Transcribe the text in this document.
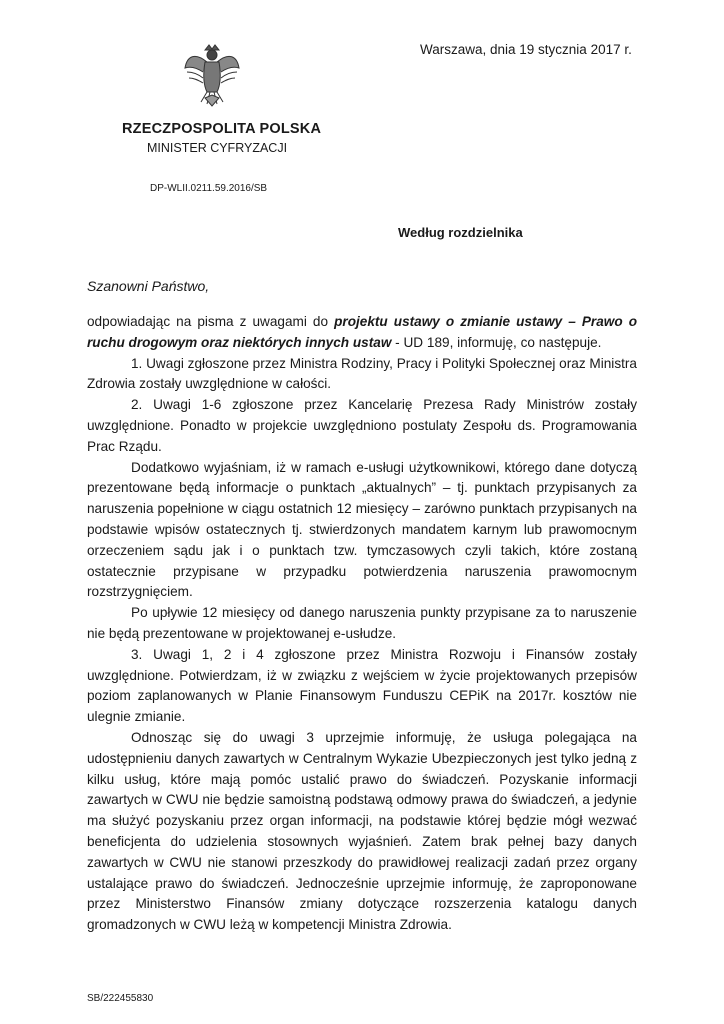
Warszawa, dnia 19 stycznia 2017 r.
RZECZPOSPOLITA POLSKA
MINISTER CYFRYZACJI
DP-WLII.0211.59.2016/SB
Według rozdzielnika
Szanowni Państwo,

odpowiadając na pisma z uwagami do projektu ustawy o zmianie ustawy – Prawo o ruchu drogowym oraz niektórych innych ustaw - UD 189, informuję, co następuje.

1. Uwagi zgłoszone przez Ministra Rodziny, Pracy i Polityki Społecznej oraz Ministra Zdrowia zostały uwzględnione w całości.

2. Uwagi 1-6 zgłoszone przez Kancelarię Prezesa Rady Ministrów zostały uwzględnione. Ponadto w projekcie uwzględniono postulaty Zespołu ds. Programowania Prac Rządu.

Dodatkowo wyjaśniam, iż w ramach e-usługi użytkownikowi, którego dane dotyczą prezentowane będą informacje o punktach „aktualnych” – tj. punktach przypisanych za naruszenia popełnione w ciągu ostatnich 12 miesięcy – zarówno punktach przypisanych na podstawie wpisów ostatecznych tj. stwierdzonych mandatem karnym lub prawomocnym orzeczeniem sądu jak i o punktach tzw. tymczasowych czyli takich, które zostaną ostatecznie przypisane w przypadku potwierdzenia naruszenia prawomocnym rozstrzygnięciem.

Po upływie 12 miesięcy od danego naruszenia punkty przypisane za to naruszenie nie będą prezentowane w projektowanej e-usłudze.

3. Uwagi 1, 2 i 4 zgłoszone przez Ministra Rozwoju i Finansów zostały uwzględnione. Potwierdzam, iż w związku z wejściem w życie projektowanych przepisów poziom zaplanowanych w Planie Finansowym Funduszu CEPiK na 2017r. kosztów nie ulegnie zmianie.

Odnosząc się do uwagi 3 uprzejmie informuję, że usługa polegająca na udostępnieniu danych zawartych w Centralnym Wykazie Ubezpieczonych jest tylko jedną z kilku usług, które mają pomóc ustalić prawo do świadczeń. Pozyskanie informacji zawartych w CWU nie będzie samoistną podstawą odmowy prawa do świadczeń, a jedynie ma służyć pozyskaniu przez organ informacji, na podstawie której będzie mógł wezwać beneficjenta do udzielenia stosownych wyjaśnień. Zatem brak pełnej bazy danych zawartych w CWU nie stanowi przeszkody do prawidłowej realizacji zadań przez organy ustalające prawo do świadczeń. Jednocześnie uprzejmie informuję, że zaproponowane przez Ministerstwo Finansów zmiany dotyczące rozszerzenia katalogu danych gromadzonych w CWU leżą w kompetencji Ministra Zdrowia.

SB/222455830
